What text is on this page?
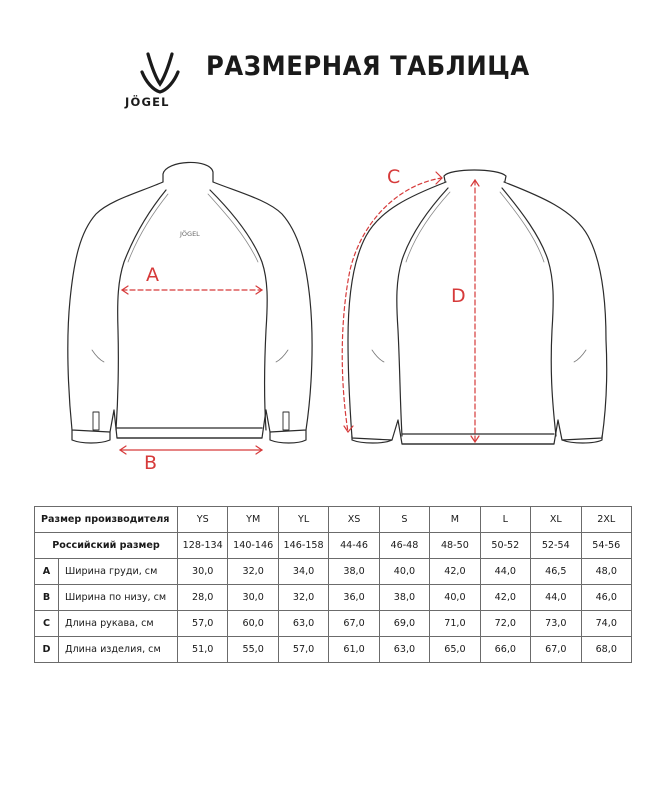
JÖGEL
РАЗМЕРНАЯ ТАБЛИЦА
JÖGEL
A
B
C
D
Размер производителя		YS	YM	YL	XS	S	M	L	XL	2XL
Российский размер		128-134	140-146	146-158	44-46	46-48	48-50	50-52	52-54	54-56
A	Ширина груди, см	30,0	32,0	34,0	38,0	40,0	42,0	44,0	46,5	48,0
B	Ширина по низу, см	28,0	30,0	32,0	36,0	38,0	40,0	42,0	44,0	46,0
C	Длина рукава, см	57,0	60,0	63,0	67,0	69,0	71,0	72,0	73,0	74,0
D	Длина изделия, см	51,0	55,0	57,0	61,0	63,0	65,0	66,0	67,0	68,0
